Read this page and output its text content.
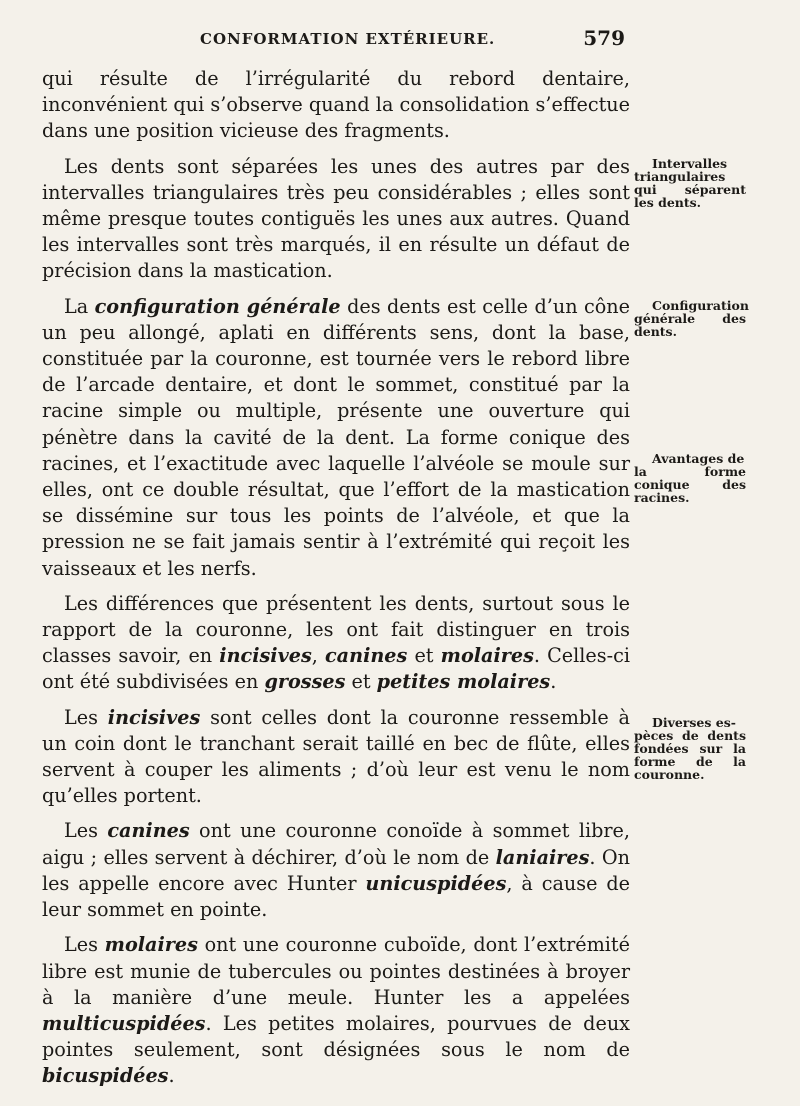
CONFORMATION EXTÉRIEURE.	579

qui résulte de l’irrégularité du rebord dentaire, inconvénient qui s’observe quand la consolidation s’effectue dans une position vicieuse des fragments.

Les dents sont séparées les unes des autres par des intervalles triangulaires très peu considérables ; elles sont même presque toutes contiguës les unes aux autres. Quand les intervalles sont très marqués, il en résulte un défaut de précision dans la mastication.

La configuration générale des dents est celle d’un cône un peu allongé, aplati en différents sens, dont la base, constituée par la couronne, est tournée vers le rebord libre de l’arcade dentaire, et dont le sommet, constitué par la racine simple ou multiple, présente une ouverture qui pénètre dans la cavité de la dent. La forme conique des racines, et l’exactitude avec laquelle l’alvéole se moule sur elles, ont ce double résultat, que l’effort de la mastication se dissémine sur tous les points de l’alvéole, et que la pression ne se fait jamais sentir à l’extrémité qui reçoit les vaisseaux et les nerfs.

Les différences que présentent les dents, surtout sous le rapport de la couronne, les ont fait distinguer en trois classes savoir, en incisives, canines et molaires. Celles-ci ont été subdivisées en grosses et petites molaires.

Les incisives sont celles dont la couronne ressemble à un coin dont le tranchant serait taillé en bec de flûte, elles servent à couper les aliments ; d’où leur est venu le nom qu’elles portent.

Les canines ont une couronne conoïde à sommet libre, aigu ; elles servent à déchirer, d’où le nom de laniaires. On les appelle encore avec Hunter unicuspidées, à cause de leur sommet en pointe.

Les molaires ont une couronne cuboïde, dont l’extrémité libre est munie de tubercules ou pointes destinées à broyer à la manière d’une meule. Hunter les a appelées multicuspidées. Les petites molaires, pourvues de deux pointes seulement, sont désignées sous le nom de bicuspidées.

Intervalles
triangulaires qui séparent les dents.
Configuration
générale des dents.
Avantages de
la forme conique des racines.
Diverses es-
pèces de dents fondées sur la forme de la couronne.
